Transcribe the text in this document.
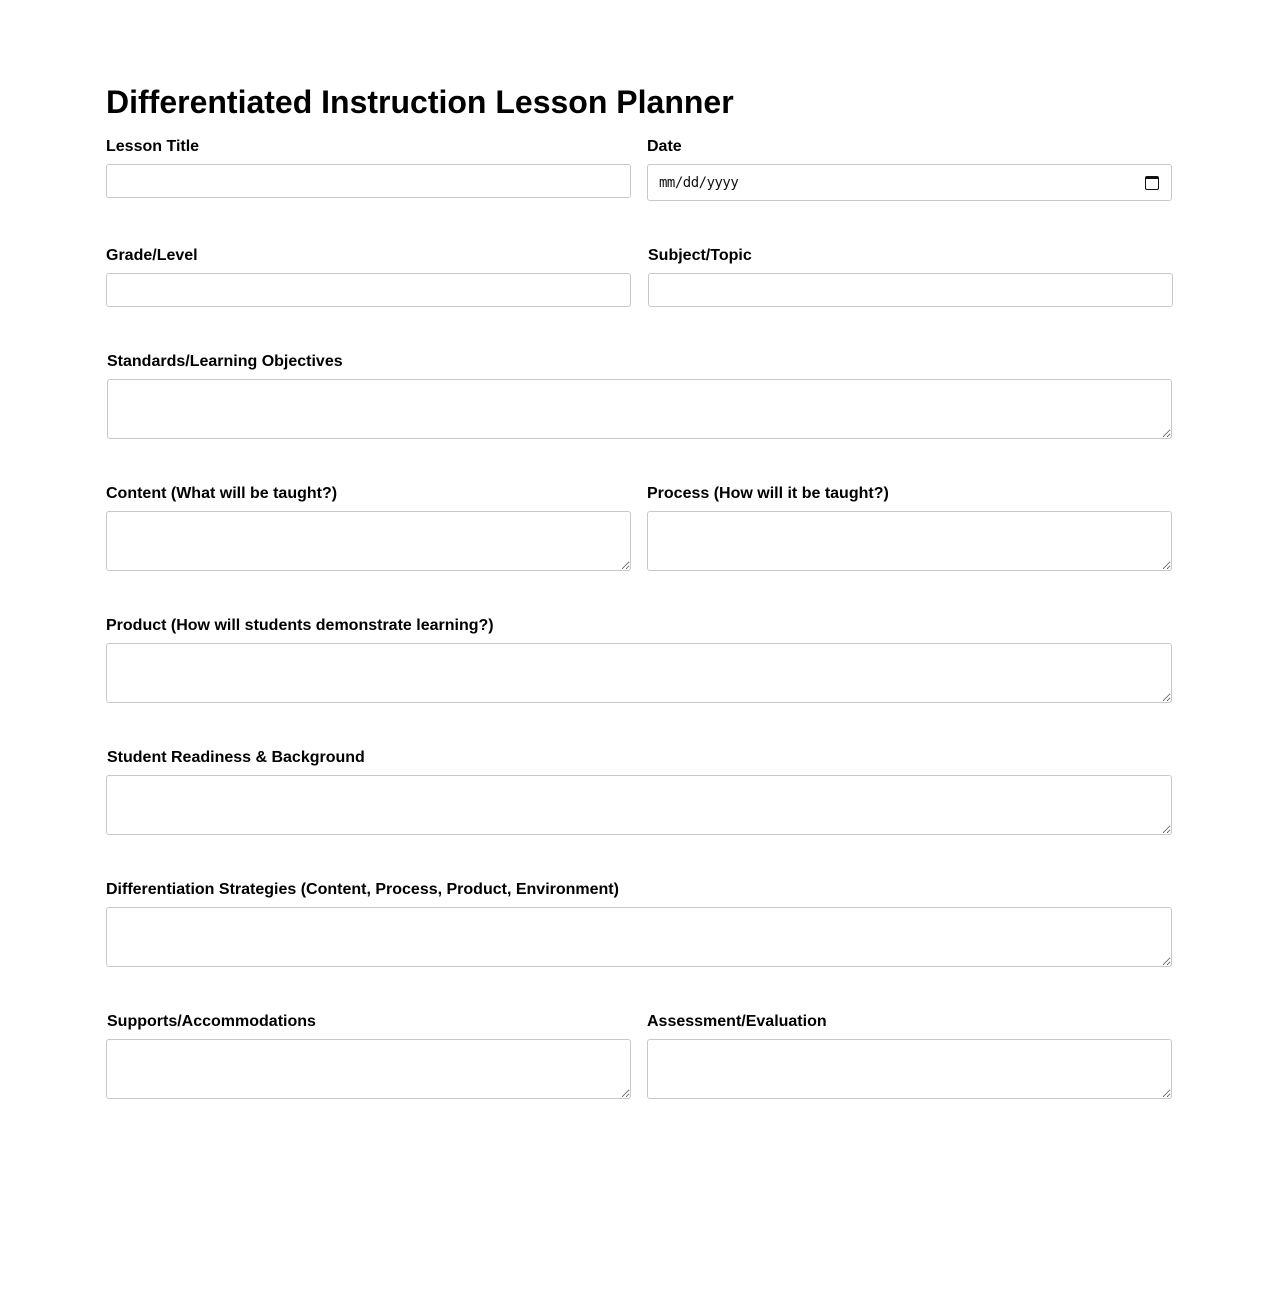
Differentiated Instruction Lesson Planner
Lesson Title	Date
mm/dd/yyyy
Grade/Level	Subject/Topic
Standards/Learning Objectives
Content (What will be taught?)	Process (How will it be taught?)
Product (How will students demonstrate learning?)
Student Readiness & Background
Differentiation Strategies (Content, Process, Product, Environment)
Supports/Accommodations	Assessment/Evaluation
